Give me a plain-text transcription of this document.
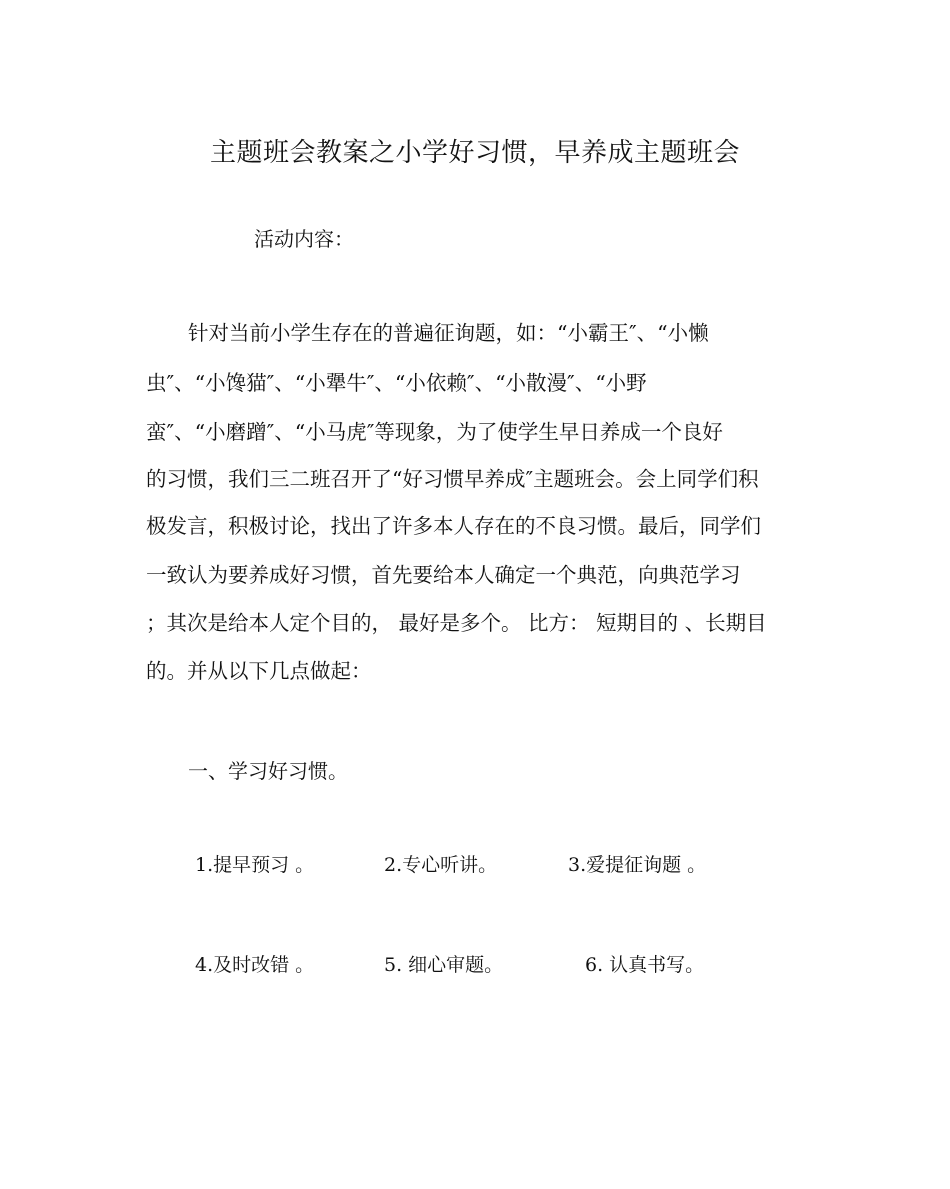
主题班会教案之小学好习惯，早养成主题班会
活动内容：
针对当前小学生存在的普遍征询题，如：“小霸王″、“小懒
虫″、“小馋猫″、“小犟牛″、“小依赖″、“小散漫″、“小野
蛮″、“小磨蹭″、“小马虎″等现象，为了使学生早日养成一个良好
的习惯，我们三二班召开了“好习惯早养成″主题班会。会上同学们积
极发言，积极讨论，找出了许多本人存在的不良习惯。最后，同学们
一致认为要养成好习惯，首先要给本人确定一个典范，向典范学习
；其次是给本人定个目的， 最好是多个。 比方： 短期目的 、长期目
的。并从以下几点做起：
一、学习好习惯。
1.提早预习 。	2.专心听讲。	3.爱提征询题 。
4.及时改错 。	5. 细心审题。	6. 认真书写。
